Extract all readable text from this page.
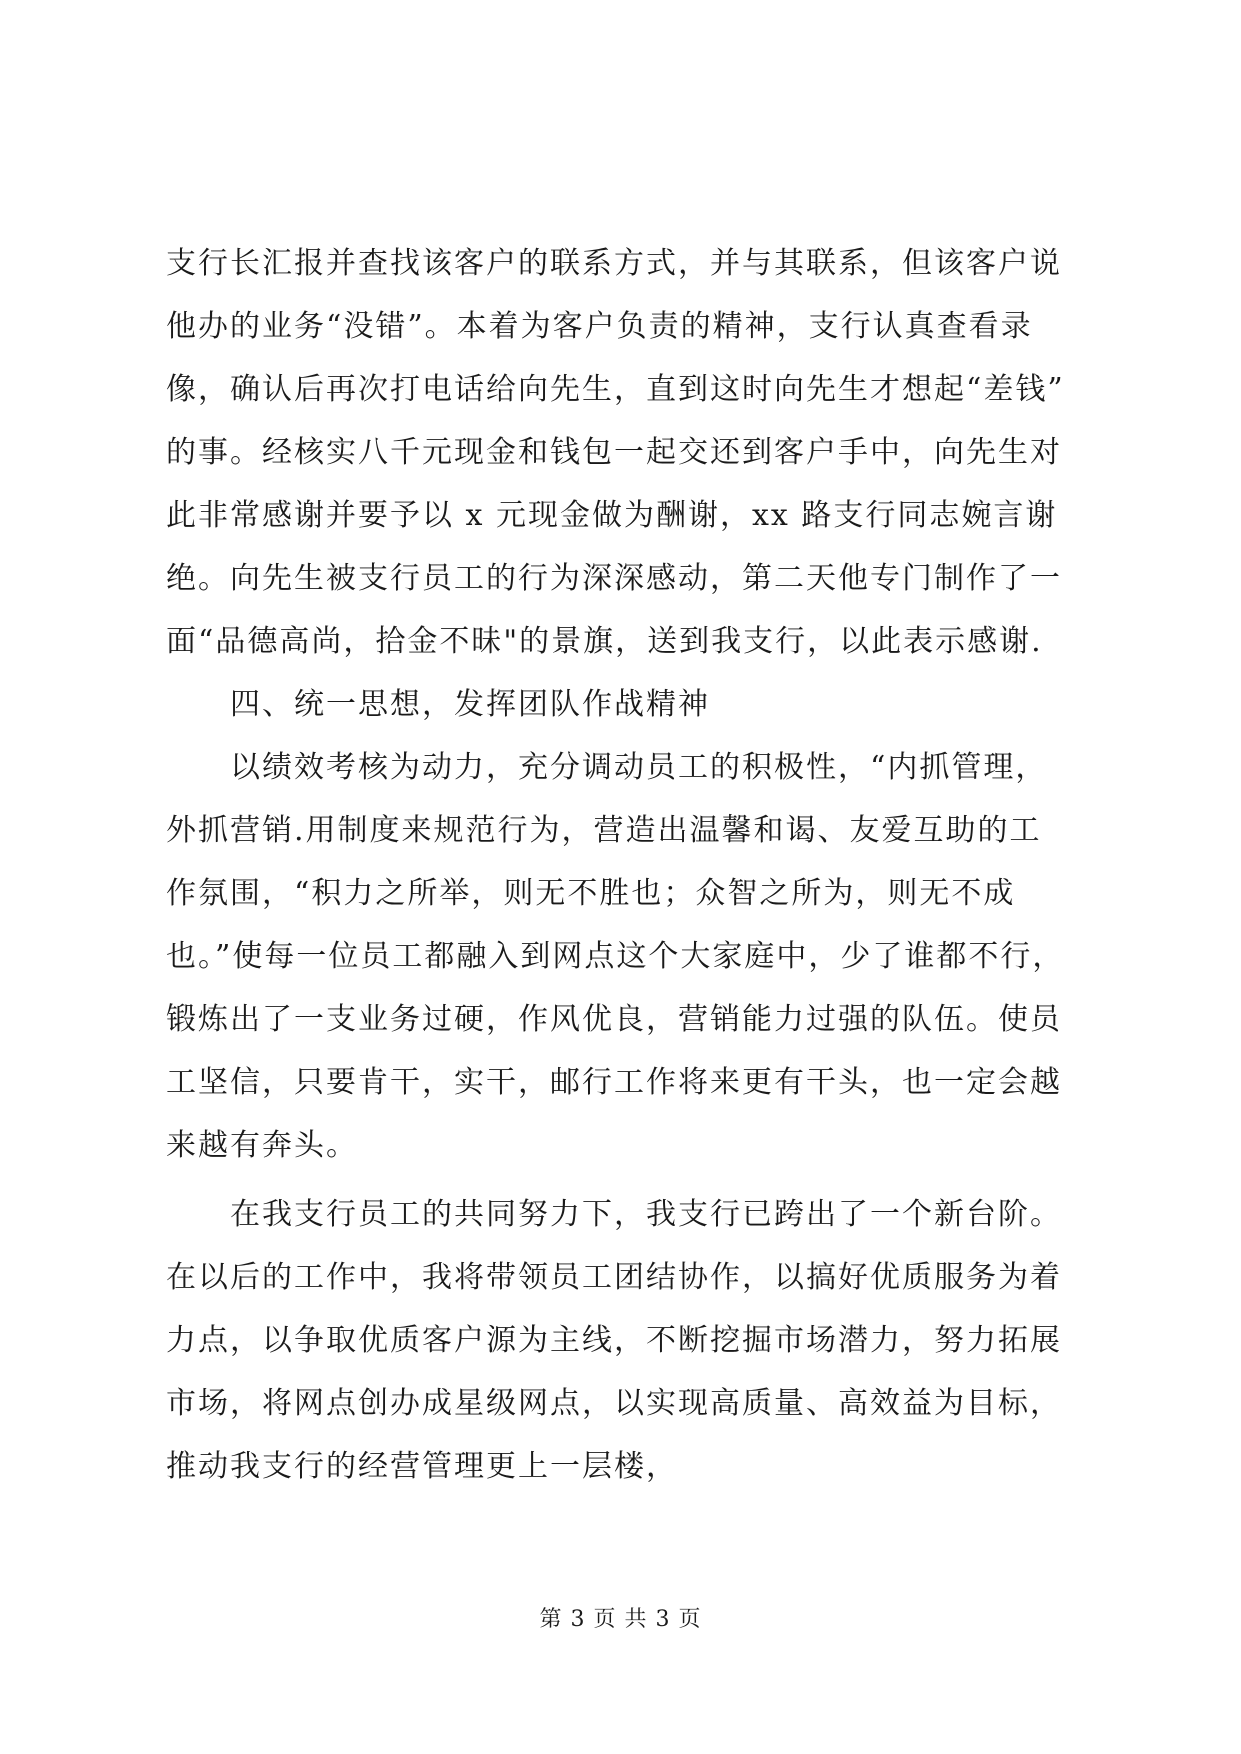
支行长汇报并查找该客户的联系方式，并与其联系，但该客户说
他办的业务“没错”。本着为客户负责的精神，支行认真查看录
像，确认后再次打电话给向先生，直到这时向先生才想起“差钱”
的事。经核实八千元现金和钱包一起交还到客户手中，向先生对
此非常感谢并要予以 x 元现金做为酬谢，xx 路支行同志婉言谢
绝。向先生被支行员工的行为深深感动，第二天他专门制作了一
面“品德高尚，拾金不昧"的景旗，送到我支行，以此表示感谢.
四、统一思想，发挥团队作战精神
以绩效考核为动力，充分调动员工的积极性，“内抓管理，
外抓营销.用制度来规范行为，营造出温馨和谒、友爱互助的工
作氛围，“积力之所举，则无不胜也；众智之所为，则无不成
也。”使每一位员工都融入到网点这个大家庭中，少了谁都不行，
锻炼出了一支业务过硬，作风优良，营销能力过强的队伍。使员
工坚信，只要肯干，实干，邮行工作将来更有干头，也一定会越
来越有奔头。
在我支行员工的共同努力下，我支行已跨出了一个新台阶。
在以后的工作中，我将带领员工团结协作，以搞好优质服务为着
力点，以争取优质客户源为主线，不断挖掘市场潜力，努力拓展
市场，将网点创办成星级网点，以实现高质量、高效益为目标，
推动我支行的经营管理更上一层楼，
第 3 页 共 3 页
